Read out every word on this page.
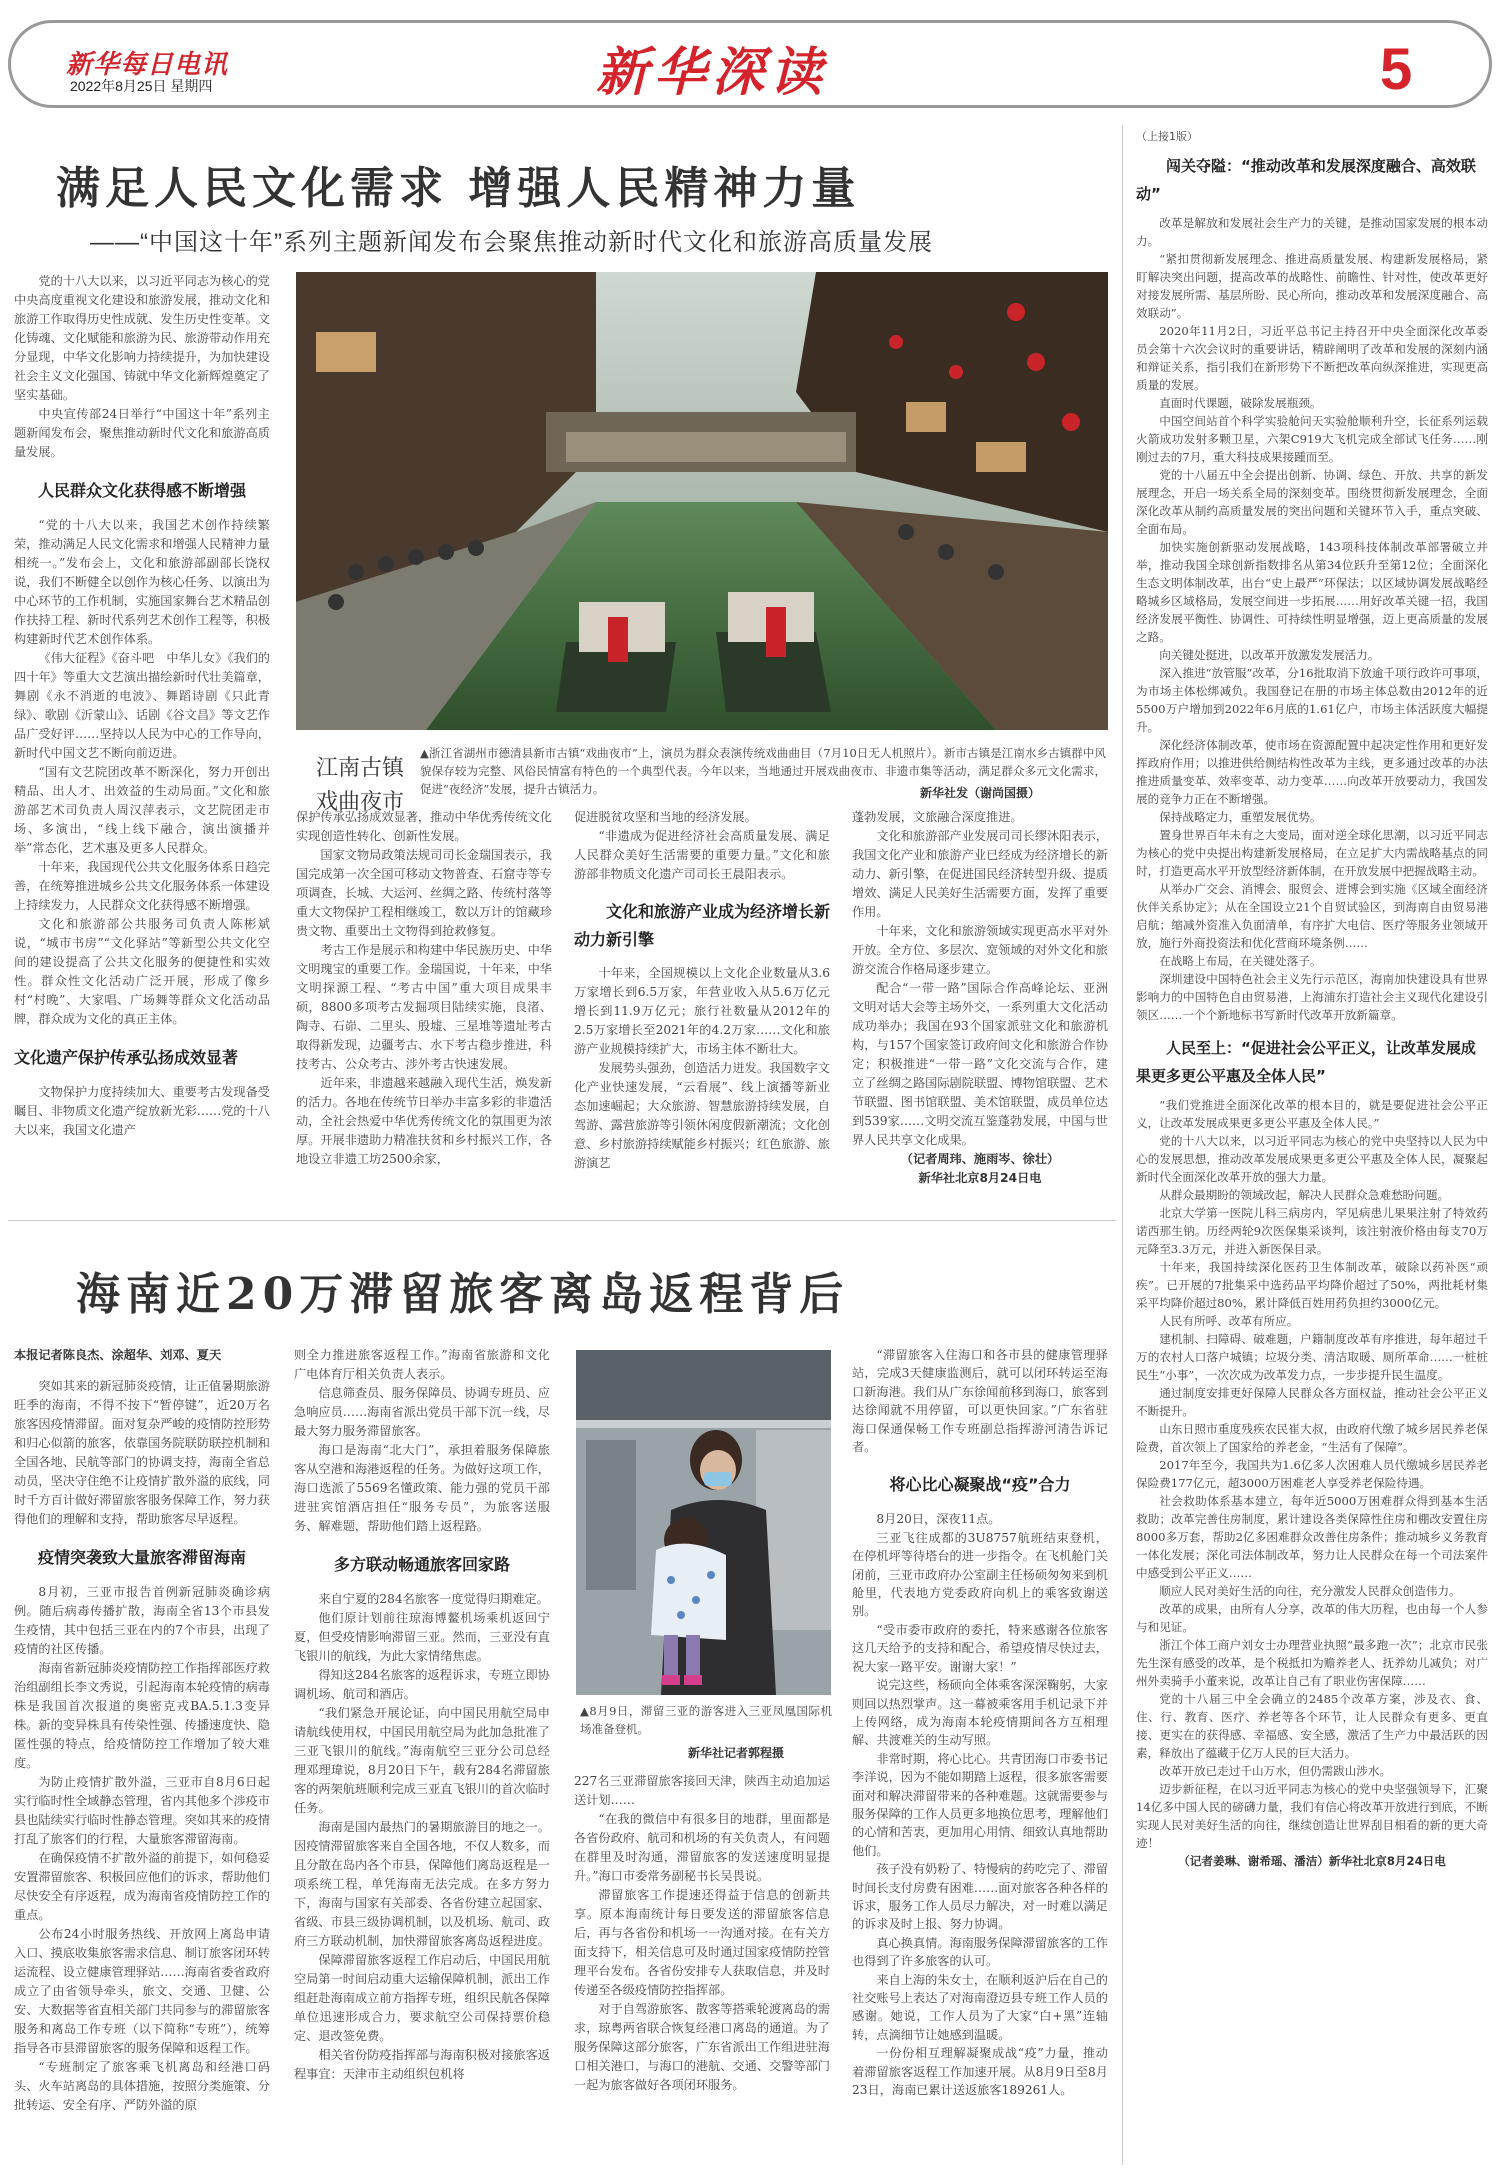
新华每日电讯
2022年8月25日 星期四	新华深读	5
满足人民文化需求 增强人民精神力量
——“中国这十年”系列主题新闻发布会聚焦推动新时代文化和旅游高质量发展

党的十八大以来，以习近平同志为核心的党中央高度重视文化建设和旅游发展，推动文化和旅游工作取得历史性成就、发生历史性变革。文化铸魂、文化赋能和旅游为民、旅游带动作用充分显现，中华文化影响力持续提升，为加快建设社会主义文化强国、铸就中华文化新辉煌奠定了坚实基础。

中央宣传部24日举行“中国这十年”系列主题新闻发布会，聚焦推动新时代文化和旅游高质量发展。

人民群众文化获得感不断增强

“党的十八大以来，我国艺术创作持续繁荣，推动满足人民文化需求和增强人民精神力量相统一。”发布会上，文化和旅游部副部长饶权说，我们不断健全以创作为核心任务、以演出为中心环节的工作机制，实施国家舞台艺术精品创作扶持工程、新时代系列艺术创作工程等，积极构建新时代艺术创作体系。

《伟大征程》《奋斗吧　中华儿女》《我们的四十年》等重大文艺演出描绘新时代壮美篇章，舞剧《永不消逝的电波》、舞蹈诗剧《只此青绿》、歌剧《沂蒙山》、话剧《谷文昌》等文艺作品广受好评……坚持以人民为中心的工作导向，新时代中国文艺不断向前迈进。

“国有文艺院团改革不断深化，努力开创出精品、出人才、出效益的生动局面。”文化和旅游部艺术司负责人周汉萍表示，文艺院团走市场、多演出，“线上线下融合，演出演播并举”常态化，艺术惠及更多人民群众。

十年来，我国现代公共文化服务体系日趋完善，在统筹推进城乡公共文化服务体系一体建设上持续发力，人民群众文化获得感不断增强。

文化和旅游部公共服务司负责人陈彬斌说，“城市书房”“文化驿站”等新型公共文化空间的建设提高了公共文化服务的便捷性和实效性。群众性文化活动广泛开展，形成了像乡村“村晚”、大家唱、广场舞等群众文化活动品牌，群众成为文化的真正主体。

文化遗产保护传承弘扬成效显著

文物保护力度持续加大、重要考古发现备受瞩目、非物质文化遗产绽放新光彩……党的十八大以来，我国文化遗产

江南古镇
戏曲夜市
▲浙江省湖州市德清县新市古镇“戏曲夜市”上，演员为群众表演传统戏曲曲目（7月10日无人机照片）。新市古镇是江南水乡古镇群中风貌保存较为完整、风俗民情富有特色的一个典型代表。今年以来，当地通过开展戏曲夜市、非遗市集等活动，满足群众多元文化需求，促进“夜经济”发展，提升古镇活力。	新华社发（谢尚国摄）

保护传承弘扬成效显著，推动中华优秀传统文化实现创造性转化、创新性发展。

国家文物局政策法规司司长金瑞国表示，我国完成第一次全国可移动文物普查、石窟寺等专项调查，长城、大运河、丝绸之路、传统村落等重大文物保护工程相继竣工，数以万计的馆藏珍贵文物、重要出土文物得到抢救修复。

考古工作是展示和构建中华民族历史、中华文明瑰宝的重要工作。金瑞国说，十年来，中华文明探源工程、“考古中国”重大项目成果丰硕，8800多项考古发掘项目陆续实施，良渚、陶寺、石峁、二里头、殷墟、三星堆等遗址考古取得新发现，边疆考古、水下考古稳步推进，科技考古、公众考古、涉外考古快速发展。

近年来，非遗越来越融入现代生活，焕发新的活力。各地在传统节日举办丰富多彩的非遗活动，全社会热爱中华优秀传统文化的氛围更为浓厚。开展非遗助力精准扶贫和乡村振兴工作，各地设立非遗工坊2500余家，

促进脱贫攻坚和当地的经济发展。

“非遗成为促进经济社会高质量发展、满足人民群众美好生活需要的重要力量。”文化和旅游部非物质文化遗产司司长王晨阳表示。

文化和旅游产业成为经济增长新动力新引擎

十年来，全国规模以上文化企业数量从3.6万家增长到6.5万家，年营业收入从5.6万亿元增长到11.9万亿元；旅行社数量从2012年的2.5万家增长至2021年的4.2万家……文化和旅游产业规模持续扩大，市场主体不断壮大。

发展势头强劲，创造活力迸发。我国数字文化产业快速发展，“云看展”、线上演播等新业态加速崛起；大众旅游、智慧旅游持续发展，自驾游、露营旅游等引领休闲度假新潮流；文化创意、乡村旅游持续赋能乡村振兴；红色旅游、旅游演艺

蓬勃发展，文旅融合深度推进。

文化和旅游部产业发展司司长缪沐阳表示，我国文化产业和旅游产业已经成为经济增长的新动力、新引擎，在促进国民经济转型升级、提质增效、满足人民美好生活需要方面，发挥了重要作用。

十年来，文化和旅游领域实现更高水平对外开放。全方位、多层次、宽领域的对外文化和旅游交流合作格局逐步建立。

配合“一带一路”国际合作高峰论坛、亚洲文明对话大会等主场外交，一系列重大文化活动成功举办；我国在93个国家派驻文化和旅游机构，与157个国家签订政府间文化和旅游合作协定；积极推进“一带一路”文化交流与合作，建立了丝绸之路国际剧院联盟、博物馆联盟、艺术节联盟、图书馆联盟、美术馆联盟，成员单位达到539家……文明交流互鉴蓬勃发展，中国与世界人民共享文化成果。

（记者周玮、施雨岑、徐壮）

新华社北京8月24日电

（上接1版）

闯关夺隘：“推动改革和发展深度融合、高效联动”

改革是解放和发展社会生产力的关键，是推动国家发展的根本动力。

“紧扣贯彻新发展理念、推进高质量发展、构建新发展格局，紧盯解决突出问题，提高改革的战略性、前瞻性、针对性，使改革更好对接发展所需、基层所盼、民心所向，推动改革和发展深度融合、高效联动”。

2020年11月2日，习近平总书记主持召开中央全面深化改革委员会第十六次会议时的重要讲话，精辟阐明了改革和发展的深刻内涵和辩证关系，指引我们在新形势下不断把改革向纵深推进，实现更高质量的发展。

直面时代课题，破除发展瓶颈。

中国空间站首个科学实验舱问天实验舱顺利升空，长征系列运载火箭成功发射多颗卫星，六架C919大飞机完成全部试飞任务……刚刚过去的7月，重大科技成果接踵而至。

党的十八届五中全会提出创新、协调、绿色、开放、共享的新发展理念，开启一场关系全局的深刻变革。围绕贯彻新发展理念，全面深化改革从制约高质量发展的突出问题和关键环节入手，重点突破、全面布局。

加快实施创新驱动发展战略，143项科技体制改革部署破立并举，推动我国全球创新指数排名从第34位跃升至第12位；全面深化生态文明体制改革，出台“史上最严”环保法；以区域协调发展战略经略城乡区域格局，发展空间进一步拓展……用好改革关键一招，我国经济发展平衡性、协调性、可持续性明显增强，迈上更高质量的发展之路。

向关键处挺进，以改革开放激发发展活力。

深入推进“放管服”改革，分16批取消下放逾千项行政许可事项，为市场主体松绑减负。我国登记在册的市场主体总数由2012年的近5500万户增加到2022年6月底的1.61亿户，市场主体活跃度大幅提升。

深化经济体制改革，使市场在资源配置中起决定性作用和更好发挥政府作用；以推进供给侧结构性改革为主线，更多通过改革的办法推进质量变革、效率变革、动力变革……向改革开放要动力，我国发展的竞争力正在不断增强。

保持战略定力，重塑发展优势。

置身世界百年未有之大变局，面对逆全球化思潮，以习近平同志为核心的党中央提出构建新发展格局，在立足扩大内需战略基点的同时，打造更高水平开放型经济新体制，在开放发展中把握战略主动。

从举办广交会、消博会、服贸会、进博会到实施《区域全面经济伙伴关系协定》；从在全国设立21个自贸试验区，到海南自由贸易港启航；缩减外资准入负面清单，有序扩大电信、医疗等服务业领域开放，施行外商投资法和优化营商环境条例……

在战略上布局，在关键处落子。

深圳建设中国特色社会主义先行示范区，海南加快建设具有世界影响力的中国特色自由贸易港，上海浦东打造社会主义现代化建设引领区……一个个新地标书写新时代改革开放新篇章。

人民至上：“促进社会公平正义，让改革发展成果更多更公平惠及全体人民”

“我们党推进全面深化改革的根本目的，就是要促进社会公平正义，让改革发展成果更多更公平惠及全体人民。”

党的十八大以来，以习近平同志为核心的党中央坚持以人民为中心的发展思想，推动改革发展成果更多更公平惠及全体人民，凝聚起新时代全面深化改革开放的强大力量。

从群众最期盼的领域改起，解决人民群众急难愁盼问题。

北京大学第一医院儿科三病房内，罕见病患儿果果注射了特效药诺西那生钠。历经两轮9次医保集采谈判，该注射液价格由每支70万元降至3.3万元，并进入新医保目录。

十年来，我国持续深化医药卫生体制改革，破除以药补医“顽疾”。已开展的7批集采中选药品平均降价超过了50%，两批耗材集采平均降价超过80%，累计降低百姓用药负担约3000亿元。

人民有所呼、改革有所应。

建机制、扫障碍、破难题，户籍制度改革有序推进，每年超过千万的农村人口落户城镇；垃圾分类、清洁取暖、厕所革命……一桩桩民生“小事”，一次次成为改革发力点，一步步提升民生温度。

通过制度安排更好保障人民群众各方面权益，推动社会公平正义不断提升。

山东日照市重度残疾农民崔大叔，由政府代缴了城乡居民养老保险费，首次领上了国家给的养老金，“生活有了保障”。

2017年至今，我国共为1.6亿多人次困难人员代缴城乡居民养老保险费177亿元，超3000万困难老人享受养老保险待遇。

社会救助体系基本建立，每年近5000万困难群众得到基本生活救助；改革完善住房制度，累计建设各类保障性住房和棚改安置住房8000多万套，帮助2亿多困难群众改善住房条件；推动城乡义务教育一体化发展；深化司法体制改革，努力让人民群众在每一个司法案件中感受到公平正义……

顺应人民对美好生活的向往，充分激发人民群众创造伟力。

改革的成果，由所有人分享，改革的伟大历程，也由每一个人参与和见证。

浙江个体工商户刘女士办理营业执照“最多跑一次”；北京市民张先生深有感受的改革，是个税抵扣为赡养老人、抚养幼儿减负；对广州外卖骑手小董来说，改革让自己有了职业伤害保障……

党的十八届三中全会确立的2485个改革方案，涉及衣、食、住、行、教育、医疗、养老等各个环节，让人民群众有更多、更直接、更实在的获得感、幸福感、安全感，激活了生产力中最活跃的因素，释放出了蕴藏于亿万人民的巨大活力。

改革开放已走过千山万水，但仍需跋山涉水。

迈步新征程，在以习近平同志为核心的党中央坚强领导下，汇聚14亿多中国人民的磅礴力量，我们有信心将改革开放进行到底，不断实现人民对美好生活的向往，继续创造让世界刮目相看的新的更大奇迹！

（记者姜琳、谢希瑶、潘洁）新华社北京8月24日电

海南近20万滞留旅客离岛返程背后

本报记者陈良杰、涂超华、刘邓、夏天

突如其来的新冠肺炎疫情，让正值暑期旅游旺季的海南，不得不按下“暂停键”，近20万名旅客因疫情滞留。面对复杂严峻的疫情防控形势和归心似箭的旅客，依靠国务院联防联控机制和全国各地、民航等部门的协调支持，海南全省总动员，坚决守住绝不让疫情扩散外溢的底线，同时千方百计做好滞留旅客服务保障工作，努力获得他们的理解和支持，帮助旅客尽早返程。

疫情突袭致大量旅客滞留海南

8月初，三亚市报告首例新冠肺炎确诊病例。随后病毒传播扩散，海南全省13个市县发生疫情，其中包括三亚在内的7个市县，出现了疫情的社区传播。

海南省新冠肺炎疫情防控工作指挥部医疗救治组副组长李文秀说，引起海南本轮疫情的病毒株是我国首次报道的奥密克戎BA.5.1.3变异株。新的变异株具有传染性强、传播速度快、隐匿性强的特点，给疫情防控工作增加了较大难度。

为防止疫情扩散外溢，三亚市自8月6日起实行临时性全域静态管理，省内其他多个涉疫市县也陆续实行临时性静态管理。突如其来的疫情打乱了旅客们的行程，大量旅客滞留海南。

在确保疫情不扩散外溢的前提下，如何稳妥安置滞留旅客、积极回应他们的诉求，帮助他们尽快安全有序返程，成为海南省疫情防控工作的重点。

公布24小时服务热线、开放网上离岛申请入口、摸底收集旅客需求信息、制订旅客闭环转运流程、设立健康管理驿站……海南省委省政府成立了由省领导牵头，旅文、交通、卫健、公安、大数据等省直相关部门共同参与的滞留旅客服务和离岛工作专班（以下简称“专班”），统筹指导各市县滞留旅客的服务保障和返程工作。

“专班制定了旅客乘飞机离岛和经港口码头、火车站离岛的具体措施，按照分类施策、分批转运、安全有序、严防外溢的原

则全力推进旅客返程工作。”海南省旅游和文化广电体育厅相关负责人表示。

信息筛查员、服务保障员、协调专班员、应急响应员……海南省派出党员干部下沉一线，尽最大努力服务滞留旅客。

海口是海南“北大门”，承担着服务保障旅客从空港和海港返程的任务。为做好这项工作，海口选派了5569名懂政策、能力强的党员干部进驻宾馆酒店担任“服务专员”，为旅客送服务、解难题，帮助他们踏上返程路。

多方联动畅通旅客回家路

来自宁夏的284名旅客一度觉得归期难定。

他们原计划前往琼海博鳌机场乘机返回宁夏，但受疫情影响滞留三亚。然而，三亚没有直飞银川的航线，为此大家情绪焦虑。

得知这284名旅客的返程诉求，专班立即协调机场、航司和酒店。

“我们紧急开展论证，向中国民用航空局申请航线使用权，中国民用航空局为此加急批准了三亚飞银川的航线。”海南航空三亚分公司总经理邓理瑋说，8月20日下午，载有284名滞留旅客的两架航班顺利完成三亚直飞银川的首次临时任务。

海南是国内最热门的暑期旅游目的地之一。因疫情滞留旅客来自全国各地，不仅人数多，而且分散在岛内各个市县，保障他们离岛返程是一项系统工程，单凭海南无法完成。在多方努力下，海南与国家有关部委、各省份建立起国家、省级、市县三级协调机制，以及机场、航司、政府三方联动机制，加快滞留旅客离岛返程进度。

保障滞留旅客返程工作启动后，中国民用航空局第一时间启动重大运输保障机制，派出工作组赶赴海南成立前方指挥专班，组织民航各保障单位迅速形成合力，要求航空公司保持票价稳定、退改签免费。

相关省份防疫指挥部与海南积极对接旅客返程事宜：天津市主动组织包机将

▲8月9日，滞留三亚的游客进入三亚凤凰国际机场准备登机。
新华社记者郭程摄

227名三亚滞留旅客接回天津，陕西主动追加运送计划……

“在我的微信中有很多目的地群，里面都是各省份政府、航司和机场的有关负责人，有问题在群里及时沟通，滞留旅客的发送速度明显提升。”海口市委常务副秘书长吴畏说。

滞留旅客工作提速还得益于信息的创新共享。原本海南统计每日要发送的滞留旅客信息后，再与各省份和机场一一沟通对接。在有关方面支持下，相关信息可及时通过国家疫情防控管理平台发布。各省份安排专人获取信息，并及时传递至各级疫情防控指挥部。

对于自驾游旅客、散客等搭乘轮渡离岛的需求，琼粤两省联合恢复经港口离岛的通道。为了服务保障这部分旅客，广东省派出工作组进驻海口相关港口，与海口的港航、交通、交警等部门一起为旅客做好各项闭环服务。

“滞留旅客入住海口和各市县的健康管理驿站，完成3天健康监测后，就可以闭环转运至海口新海港。我们从广东徐闻前移到海口，旅客到达徐闻就不用停留，可以更快回家。”广东省驻海口保通保畅工作专班副总指挥游河清告诉记者。

将心比心凝聚战“疫”合力

8月20日，深夜11点。

三亚飞往成都的3U8757航班结束登机，在停机坪等待塔台的进一步指令。在飞机舱门关闭前，三亚市政府办公室副主任杨硕匆匆来到机舱里，代表地方党委政府向机上的乘客致谢送别。

“受市委市政府的委托，特来感谢各位旅客这几天给予的支持和配合，希望疫情尽快过去，祝大家一路平安。谢谢大家！”

说完这些，杨硕向全体乘客深深鞠躬，大家则回以热烈掌声。这一幕被乘客用手机记录下并上传网络，成为海南本轮疫情期间各方互相理解、共渡难关的生动写照。

非常时期，将心比心。共青团海口市委书记李洋说，因为不能如期踏上返程，很多旅客需要面对和解决滞留带来的各种难题。这就需要参与服务保障的工作人员更多地换位思考，理解他们的心情和苦衷，更加用心用情、细致认真地帮助他们。

孩子没有奶粉了、特慢病的药吃完了、滞留时间长支付房费有困难……面对旅客各种各样的诉求，服务工作人员尽力解决，对一时难以满足的诉求及时上报、努力协调。

真心换真情。海南服务保障滞留旅客的工作也得到了许多旅客的认可。

来自上海的朱女士，在顺利返沪后在自己的社交账号上表达了对海南澄迈县专班工作人员的感谢。她说，工作人员为了大家“白+黑”连轴转，点滴细节让她感到温暖。

一份份相互理解凝聚成战“疫”力量，推动着滞留旅客返程工作加速开展。从8月9日至8月23日，海南已累计送返旅客189261人。
